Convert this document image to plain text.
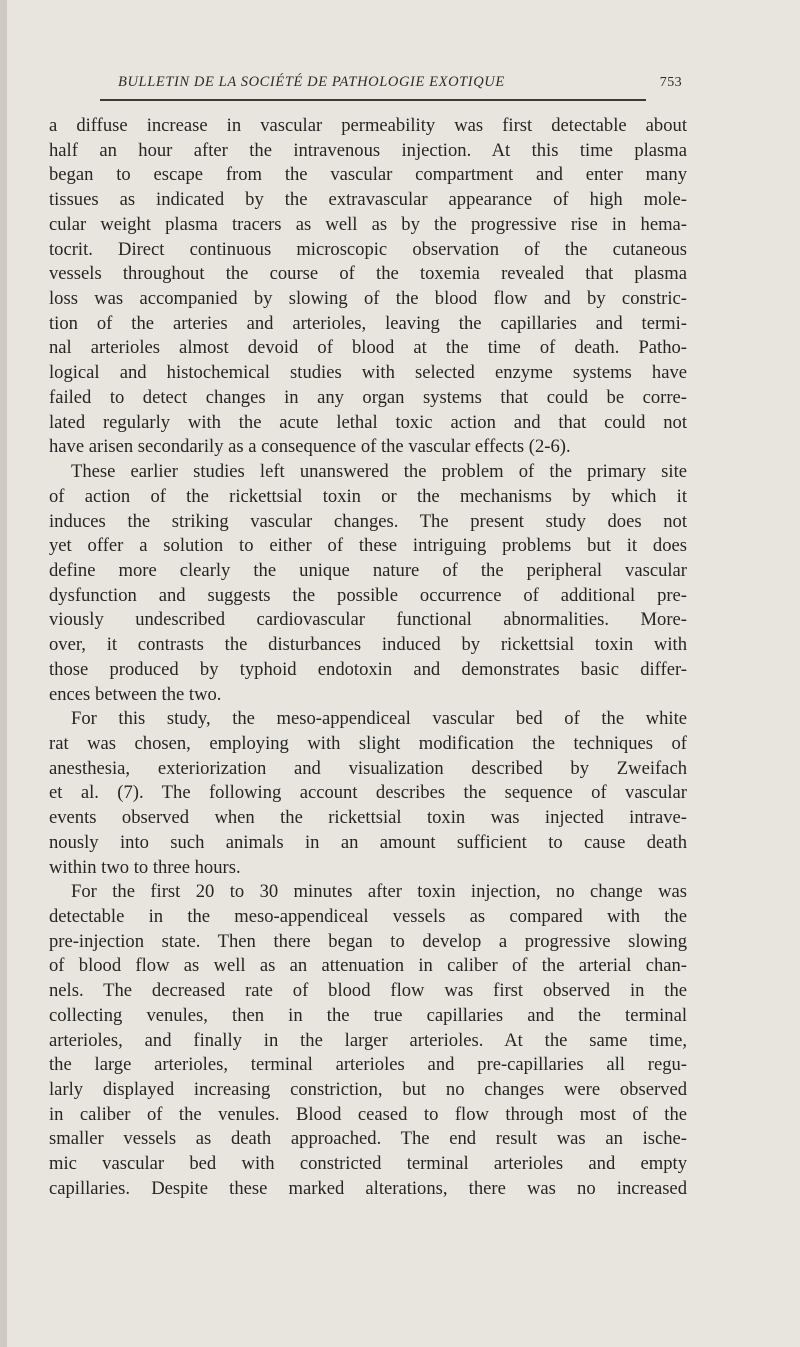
BULLETIN DE LA SOCIÉTÉ DE PATHOLOGIE EXOTIQUE	753

a diffuse increase in vascular permeability was first detectable about
half an hour after the intravenous injection. At this time plasma
began to escape from the vascular compartment and enter many
tissues as indicated by the extravascular appearance of high mole-
cular weight plasma tracers as well as by the progressive rise in hema-
tocrit. Direct continuous microscopic observation of the cutaneous
vessels throughout the course of the toxemia revealed that plasma
loss was accompanied by slowing of the blood flow and by constric-
tion of the arteries and arterioles, leaving the capillaries and termi-
nal arterioles almost devoid of blood at the time of death. Patho-
logical and histochemical studies with selected enzyme systems have
failed to detect changes in any organ systems that could be corre-
lated regularly with the acute lethal toxic action and that could not
have arisen secondarily as a consequence of the vascular effects (2-6).

These earlier studies left unanswered the problem of the primary site
of action of the rickettsial toxin or the mechanisms by which it
induces the striking vascular changes. The present study does not
yet offer a solution to either of these intriguing problems but it does
define more clearly the unique nature of the peripheral vascular
dysfunction and suggests the possible occurrence of additional pre-
viously undescribed cardiovascular functional abnormalities. More-
over, it contrasts the disturbances induced by rickettsial toxin with
those produced by typhoid endotoxin and demonstrates basic differ-
ences between the two.

For this study, the meso-appendiceal vascular bed of the white
rat was chosen, employing with slight modification the techniques of
anesthesia, exteriorization and visualization described by Zweifach
et al. (7). The following account describes the sequence of vascular
events observed when the rickettsial toxin was injected intrave-
nously into such animals in an amount sufficient to cause death
within two to three hours.

For the first 20 to 30 minutes after toxin injection, no change was
detectable in the meso-appendiceal vessels as compared with the
pre-injection state. Then there began to develop a progressive slowing
of blood flow as well as an attenuation in caliber of the arterial chan-
nels. The decreased rate of blood flow was first observed in the
collecting venules, then in the true capillaries and the terminal
arterioles, and finally in the larger arterioles. At the same time,
the large arterioles, terminal arterioles and pre-capillaries all regu-
larly displayed increasing constriction, but no changes were observed
in caliber of the venules. Blood ceased to flow through most of the
smaller vessels as death approached. The end result was an ische-
mic vascular bed with constricted terminal arterioles and empty
capillaries. Despite these marked alterations, there was no increased
